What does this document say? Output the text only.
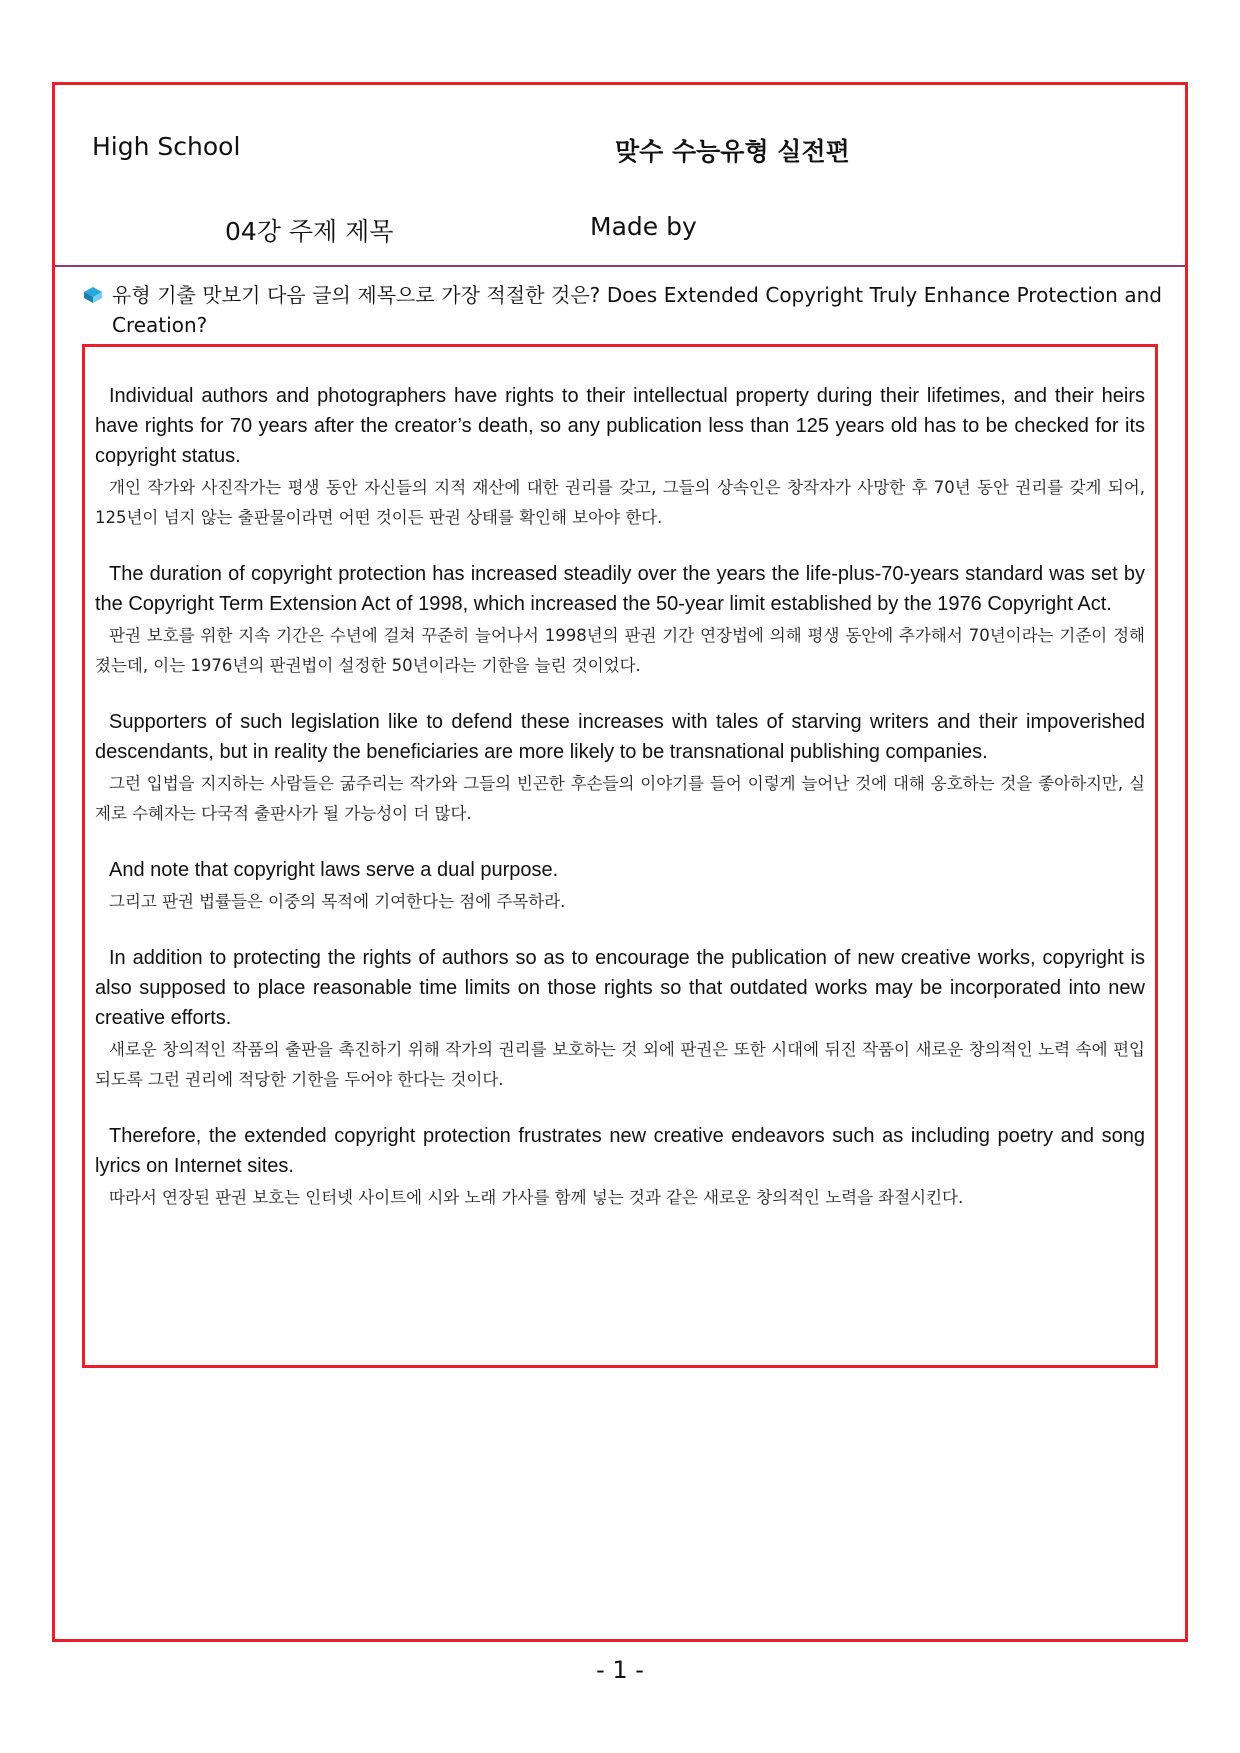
High School	맞수 수능유형 실전편
04강 주제 제목	Made by
유형 기출 맛보기 다음 글의 제목으로 가장 적절한 것은? Does Extended Copyright Truly Enhance Protection and Creation?

Individual authors and photographers have rights to their intellectual property during their lifetimes, and their heirs have rights for 70 years after the creator’s death, so any publication less than 125 years old has to be checked for its copyright status.

개인 작가와 사진작가는 평생 동안 자신들의 지적 재산에 대한 권리를 갖고, 그들의 상속인은 창작자가 사망한 후 70년 동안 권리를 갖게 되어, 125년이 넘지 않는 출판물이라면 어떤 것이든 판권 상태를 확인해 보아야 한다.

The duration of copyright protection has increased steadily over the years the life-plus-70-years standard was set by the Copyright Term Extension Act of 1998, which increased the 50-year limit established by the 1976 Copyright Act.

판권 보호를 위한 지속 기간은 수년에 걸쳐 꾸준히 늘어나서 1998년의 판권 기간 연장법에 의해 평생 동안에 추가해서 70년이라는 기준이 정해졌는데, 이는 1976년의 판권법이 설정한 50년이라는 기한을 늘린 것이었다.

Supporters of such legislation like to defend these increases with tales of starving writers and their impoverished descendants, but in reality the beneficiaries are more likely to be transnational publishing companies.

그런 입법을 지지하는 사람들은 굶주리는 작가와 그들의 빈곤한 후손들의 이야기를 들어 이렇게 늘어난 것에 대해 옹호하는 것을 좋아하지만, 실제로 수혜자는 다국적 출판사가 될 가능성이 더 많다.

And note that copyright laws serve a dual purpose.

그리고 판권 법률들은 이중의 목적에 기여한다는 점에 주목하라.

In addition to protecting the rights of authors so as to encourage the publication of new creative works, copyright is also supposed to place reasonable time limits on those rights so that outdated works may be incorporated into new creative efforts.

새로운 창의적인 작품의 출판을 촉진하기 위해 작가의 권리를 보호하는 것 외에 판권은 또한 시대에 뒤진 작품이 새로운 창의적인 노력 속에 편입되도록 그런 권리에 적당한 기한을 두어야 한다는 것이다.

Therefore, the extended copyright protection frustrates new creative endeavors such as including poetry and song lyrics on Internet sites.

따라서 연장된 판권 보호는 인터넷 사이트에 시와 노래 가사를 함께 넣는 것과 같은 새로운 창의적인 노력을 좌절시킨다.

- 1 -
